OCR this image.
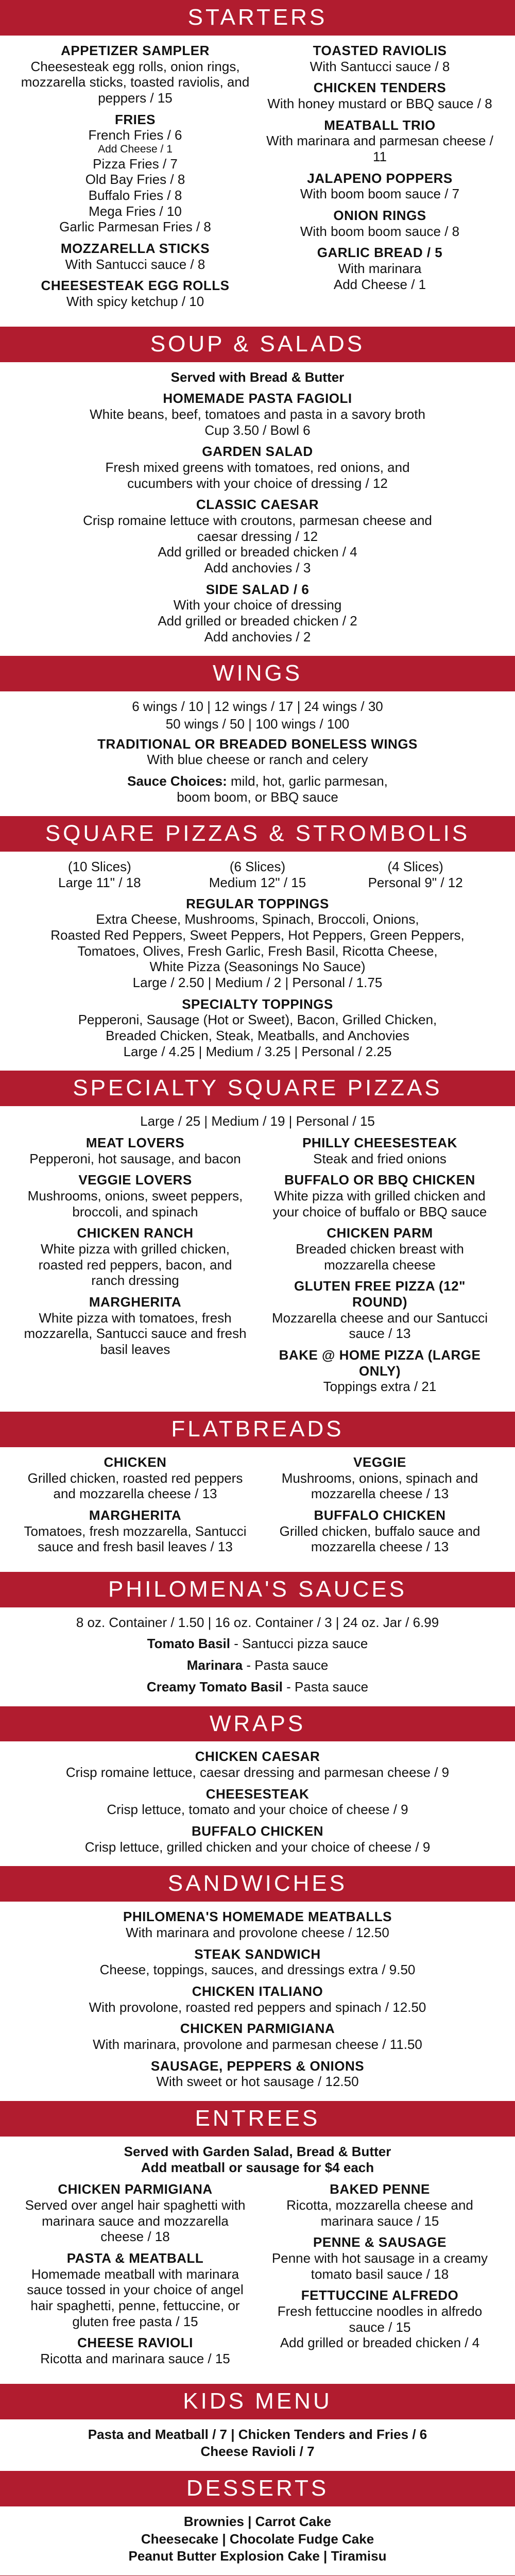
STARTERS
APPETIZER SAMPLER
Cheesesteak egg rolls, onion rings, mozzarella sticks, toasted raviolis, and peppers / 15
FRIES
French Fries / 6
Add Cheese / 1
Pizza Fries / 7
Old Bay Fries / 8
Buffalo Fries / 8
Mega Fries / 10
Garlic Parmesan Fries / 8
MOZZARELLA STICKS
With Santucci sauce / 8
CHEESESTEAK EGG ROLLS
With spicy ketchup / 10
TOASTED RAVIOLIS
With Santucci sauce / 8
CHICKEN TENDERS
With honey mustard or BBQ sauce / 8
MEATBALL TRIO
With marinara and parmesan cheese / 11
JALAPENO POPPERS
With boom boom sauce / 7
ONION RINGS
With boom boom sauce / 8
GARLIC BREAD / 5
With marinara
Add Cheese / 1
SOUP & SALADS
Served with Bread & Butter
HOMEMADE PASTA FAGIOLI
White beans, beef, tomatoes and pasta in a savory broth
Cup 3.50 / Bowl 6
GARDEN SALAD
Fresh mixed greens with tomatoes, red onions, and
cucumbers with your choice of dressing / 12
CLASSIC CAESAR
Crisp romaine lettuce with croutons, parmesan cheese and
caesar dressing / 12
Add grilled or breaded chicken / 4
Add anchovies / 3
SIDE SALAD / 6
With your choice of dressing
Add grilled or breaded chicken / 2
Add anchovies / 2
WINGS
6 wings / 10 | 12 wings / 17 | 24 wings / 30
50 wings / 50 | 100 wings / 100
TRADITIONAL OR BREADED BONELESS WINGS
With blue cheese or ranch and celery
Sauce Choices: mild, hot, garlic parmesan,
boom boom, or BBQ sauce
SQUARE PIZZAS & STROMBOLIS
(10 Slices)
Large 11" / 18
(6 Slices)
Medium 12" / 15
(4 Slices)
Personal 9" / 12
REGULAR TOPPINGS
Extra Cheese, Mushrooms, Spinach, Broccoli, Onions,
Roasted Red Peppers, Sweet Peppers, Hot Peppers, Green Peppers,
Tomatoes, Olives, Fresh Garlic, Fresh Basil, Ricotta Cheese,
White Pizza (Seasonings No Sauce)
Large / 2.50 | Medium / 2 | Personal / 1.75
SPECIALTY TOPPINGS
Pepperoni, Sausage (Hot or Sweet), Bacon, Grilled Chicken,
Breaded Chicken, Steak, Meatballs, and Anchovies
Large / 4.25 | Medium / 3.25 | Personal / 2.25
SPECIALTY SQUARE PIZZAS
Large / 25 | Medium / 19 | Personal / 15
MEAT LOVERS
Pepperoni, hot sausage, and bacon
VEGGIE LOVERS
Mushrooms, onions, sweet peppers, broccoli, and spinach
CHICKEN RANCH
White pizza with grilled chicken, roasted red peppers, bacon, and ranch dressing
MARGHERITA
White pizza with tomatoes, fresh mozzarella, Santucci sauce and fresh basil leaves
PHILLY CHEESESTEAK
Steak and fried onions
BUFFALO OR BBQ CHICKEN
White pizza with grilled chicken and your choice of buffalo or BBQ sauce
CHICKEN PARM
Breaded chicken breast with mozzarella cheese
GLUTEN FREE PIZZA (12" ROUND)
Mozzarella cheese and our Santucci sauce / 13
BAKE @ HOME PIZZA (LARGE ONLY)
Toppings extra / 21
FLATBREADS
CHICKEN
Grilled chicken, roasted red peppers and mozzarella cheese / 13
MARGHERITA
Tomatoes, fresh mozzarella, Santucci sauce and fresh basil leaves / 13
VEGGIE
Mushrooms, onions, spinach and mozzarella cheese / 13
BUFFALO CHICKEN
Grilled chicken, buffalo sauce and mozzarella cheese / 13
PHILOMENA'S SAUCES
8 oz. Container / 1.50 | 16 oz. Container / 3 | 24 oz. Jar / 6.99
Tomato Basil - Santucci pizza sauce
Marinara - Pasta sauce
Creamy Tomato Basil - Pasta sauce
WRAPS
CHICKEN CAESAR
Crisp romaine lettuce, caesar dressing and parmesan cheese / 9
CHEESESTEAK
Crisp lettuce, tomato and your choice of cheese / 9
BUFFALO CHICKEN
Crisp lettuce, grilled chicken and your choice of cheese / 9
SANDWICHES
PHILOMENA'S HOMEMADE MEATBALLS
With marinara and provolone cheese / 12.50
STEAK SANDWICH
Cheese, toppings, sauces, and dressings extra / 9.50
CHICKEN ITALIANO
With provolone, roasted red peppers and spinach / 12.50
CHICKEN PARMIGIANA
With marinara, provolone and parmesan cheese / 11.50
SAUSAGE, PEPPERS & ONIONS
With sweet or hot sausage / 12.50
ENTREES
Served with Garden Salad, Bread & Butter
Add meatball or sausage for $4 each
CHICKEN PARMIGIANA
Served over angel hair spaghetti with marinara sauce and mozzarella cheese / 18
PASTA & MEATBALL
Homemade meatball with marinara sauce tossed in your choice of angel hair spaghetti, penne, fettuccine, or gluten free pasta / 15
CHEESE RAVIOLI
Ricotta and marinara sauce / 15
BAKED PENNE
Ricotta, mozzarella cheese and marinara sauce / 15
PENNE & SAUSAGE
Penne with hot sausage in a creamy tomato basil sauce / 18
FETTUCCINE ALFREDO
Fresh fettuccine noodles in alfredo sauce / 15
Add grilled or breaded chicken / 4
KIDS MENU
Pasta and Meatball / 7 | Chicken Tenders and Fries / 6
Cheese Ravioli / 7
DESSERTS
Brownies | Carrot Cake
Cheesecake | Chocolate Fudge Cake
Peanut Butter Explosion Cake | Tiramisu
